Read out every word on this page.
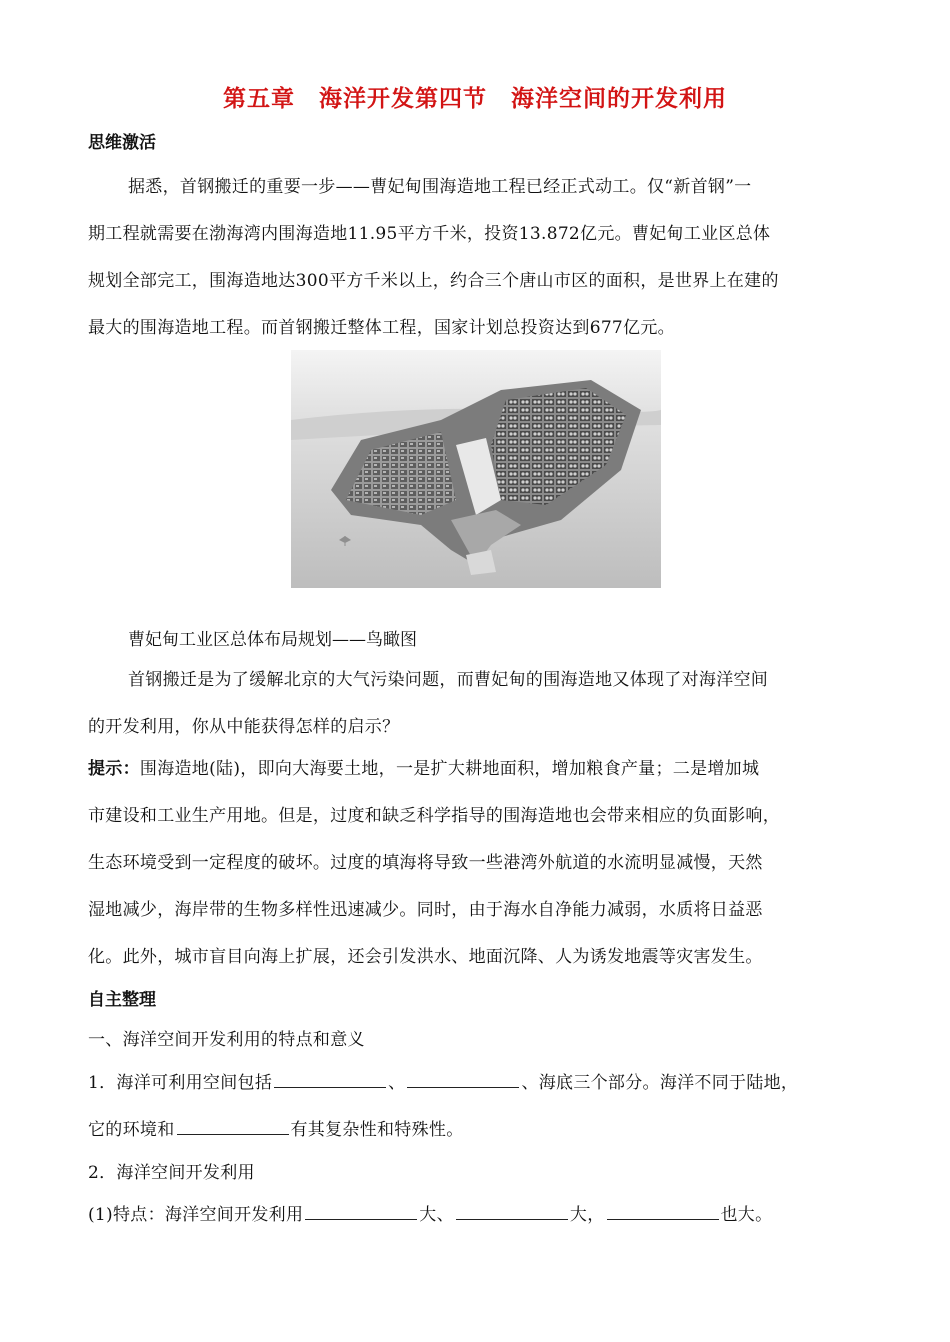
第五章　海洋开发第四节　海洋空间的开发利用
思维激活
据悉，首钢搬迁的重要一步——曹妃甸围海造地工程已经正式动工。仅“新首钢”一
期工程就需要在渤海湾内围海造地11.95平方千米，投资13.872亿元。曹妃甸工业区总体
规划全部完工，围海造地达300平方千米以上，约合三个唐山市区的面积，是世界上在建的
最大的围海造地工程。而首钢搬迁整体工程，国家计划总投资达到677亿元。
曹妃甸工业区总体布局规划——鸟瞰图
首钢搬迁是为了缓解北京的大气污染问题，而曹妃甸的围海造地又体现了对海洋空间
的开发利用，你从中能获得怎样的启示？
提示：围海造地(陆)，即向大海要土地，一是扩大耕地面积，增加粮食产量；二是增加城
市建设和工业生产用地。但是，过度和缺乏科学指导的围海造地也会带来相应的负面影响，
生态环境受到一定程度的破坏。过度的填海将导致一些港湾外航道的水流明显减慢，天然
湿地减少，海岸带的生物多样性迅速减少。同时，由于海水自净能力减弱，水质将日益恶
化。此外，城市盲目向海上扩展，还会引发洪水、地面沉降、人为诱发地震等灾害发生。
自主整理
一、海洋空间开发利用的特点和意义
1．海洋可利用空间包括	、	、海底三个部分。海洋不同于陆地，
它的环境和	有其复杂性和特殊性。
2．海洋空间开发利用
(1)特点：海洋空间开发利用	大、	大，	也大。
